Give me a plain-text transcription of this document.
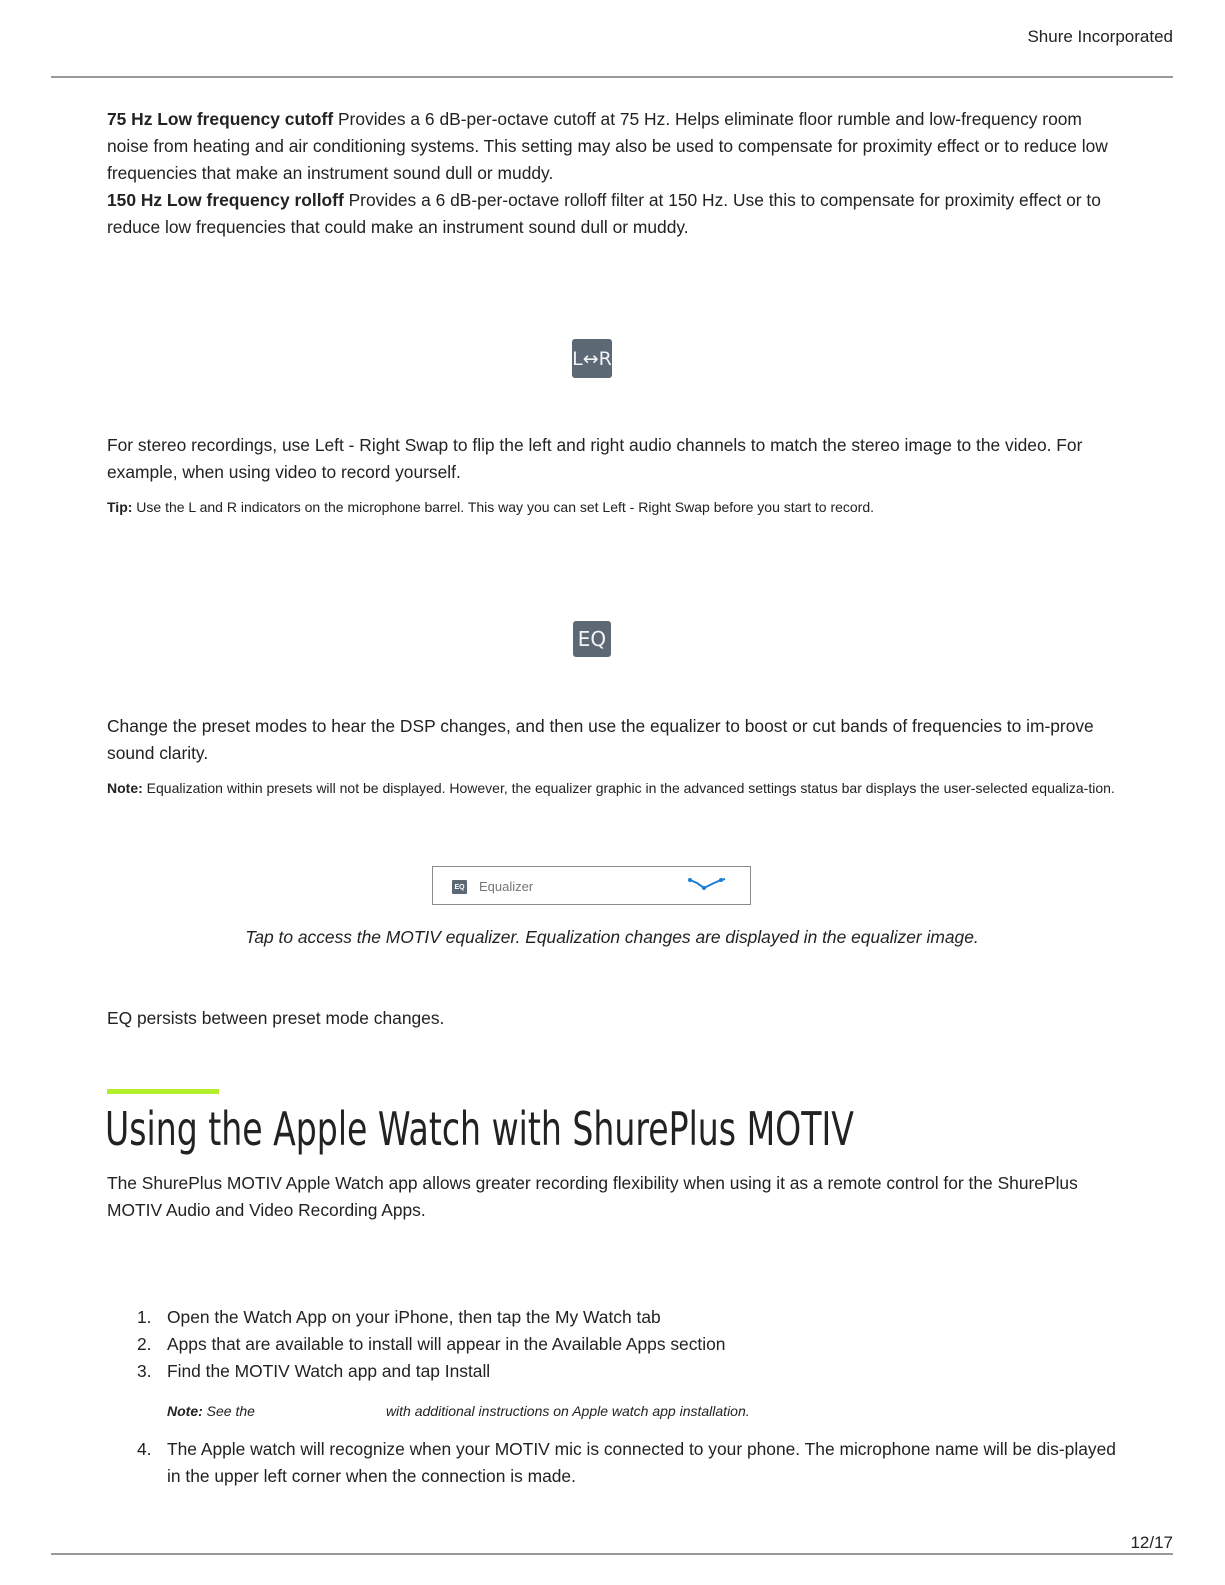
Shure Incorporated

75 Hz Low frequency cutoff Provides a 6 dB-per-octave cutoff at 75 Hz. Helps eliminate floor rumble and low-frequency room noise from heating and air conditioning systems. This setting may also be used to compensate for proximity effect or to reduce low frequencies that make an instrument sound dull or muddy.

150 Hz Low frequency rolloff Provides a 6 dB-per-octave rolloff filter at 150 Hz. Use this to compensate for proximity effect or to reduce low frequencies that could make an instrument sound dull or muddy.

L↔R

For stereo recordings, use Left - Right Swap to flip the left and right audio channels to match the stereo image to the video. For example, when using video to record yourself.

Tip: Use the L and R indicators on the microphone barrel. This way you can set Left - Right Swap before you start to record.

EQ

Change the preset modes to hear the DSP changes, and then use the equalizer to boost or cut bands of frequencies to im-prove sound clarity.

Note: Equalization within presets will not be displayed. However, the equalizer graphic in the advanced settings status bar displays the user-selected equaliza-tion.

EQ Equalizer
Tap to access the MOTIV equalizer. Equalization changes are displayed in the equalizer image.

EQ persists between preset mode changes.

Using the Apple Watch with ShurePlus MOTIV

The ShurePlus MOTIV Apple Watch app allows greater recording flexibility when using it as a remote control for the ShurePlus MOTIV Audio and Video Recording Apps.

1. Open the Watch App on your iPhone, then tap the My Watch tab
2. Apps that are available to install will appear in the Available Apps section
3. Find the MOTIV Watch app and tap Install
Note: See the	with additional instructions on Apple watch app installation.
4. The Apple watch will recognize when your MOTIV mic is connected to your phone. The microphone name will be dis-played in the upper left corner when the connection is made.
12/17
